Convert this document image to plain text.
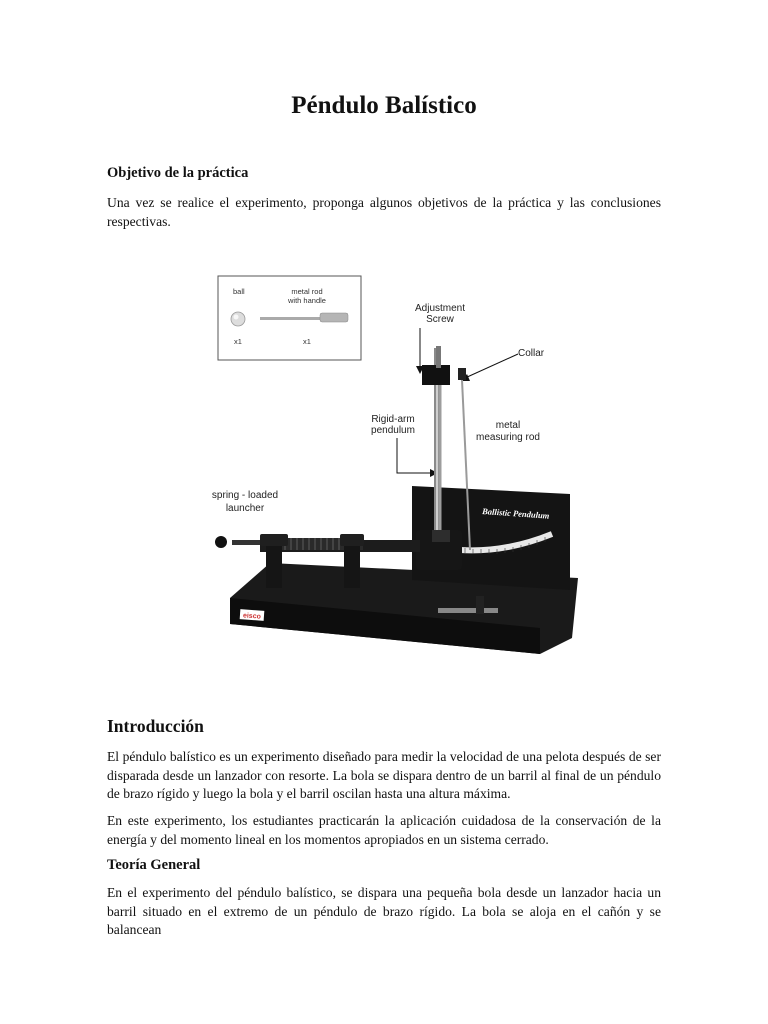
Péndulo Balístico

Objetivo de la práctica

Una vez se realice el experimento, proponga algunos objetivos de la práctica y las conclusiones respectivas.

ball	metal rod
with handle
x1	x1
Adjustment
Screw
Collar
Rigid-arm
pendulum	metal
measuring rod
spring - loaded
launcher
eisco
Ballistic Pendulum

Introducción

El péndulo balístico es un experimento diseñado para medir la velocidad de una pelota después de ser disparada desde un lanzador con resorte. La bola se dispara dentro de un barril al final de un péndulo de brazo rígido y luego la bola y el barril oscilan hasta una altura máxima.

En este experimento, los estudiantes practicarán la aplicación cuidadosa de la conservación de la energía y del momento lineal en los momentos apropiados en un sistema cerrado.

Teoría General

En el experimento del péndulo balístico, se dispara una pequeña bola desde un lanzador hacia un barril situado en el extremo de un péndulo de brazo rígido. La bola se aloja en el cañón y se balancean
